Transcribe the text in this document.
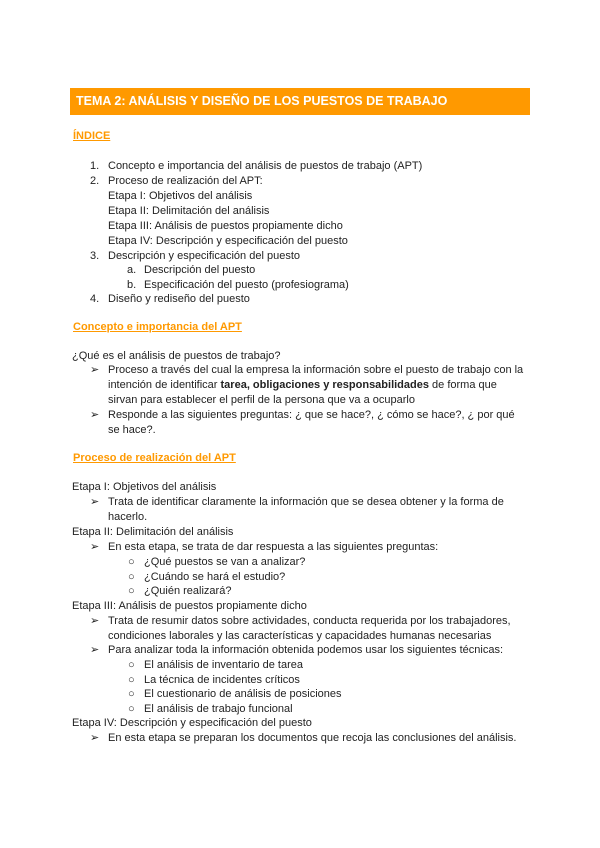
TEMA 2: ANÁLISIS Y DISEÑO DE LOS PUESTOS DE TRABAJO
ÍNDICE
1. Concepto e importancia del análisis de puestos de trabajo (APT)
2. Proceso de realización del APT:
Etapa I: Objetivos del análisis
Etapa II: Delimitación del análisis
Etapa III: Análisis de puestos propiamente dicho
Etapa IV: Descripción y especificación del puesto
3. Descripción y especificación del puesto
a. Descripción del puesto
b. Especificación del puesto (profesiograma)
4. Diseño y rediseño del puesto
Concepto e importancia del APT
¿Qué es el análisis de puestos de trabajo?
➢ Proceso a través del cual la empresa la información sobre el puesto de trabajo con la
intención de identificar tarea, obligaciones y responsabilidades de forma que
sirvan para establecer el perfil de la persona que va a ocuparlo
➢ Responde a las siguientes preguntas: ¿ que se hace?, ¿ cómo se hace?, ¿ por qué
se hace?.
Proceso de realización del APT
Etapa I: Objetivos del análisis
➢ Trata de identificar claramente la información que se desea obtener y la forma de
hacerlo.
Etapa II: Delimitación del análisis
➢ En esta etapa, se trata de dar respuesta a las siguientes preguntas:
○ ¿Qué puestos se van a analizar?
○ ¿Cuándo se hará el estudio?
○ ¿Quién realizará?
Etapa III: Análisis de puestos propiamente dicho
➢ Trata de resumir datos sobre actividades, conducta requerida por los trabajadores,
condiciones laborales y las características y capacidades humanas necesarias
➢ Para analizar toda la información obtenida podemos usar los siguientes técnicas:
○ El análisis de inventario de tarea
○ La técnica de incidentes críticos
○ El cuestionario de análisis de posiciones
○ El análisis de trabajo funcional
Etapa IV: Descripción y especificación del puesto
➢ En esta etapa se preparan los documentos que recoja las conclusiones del análisis.
